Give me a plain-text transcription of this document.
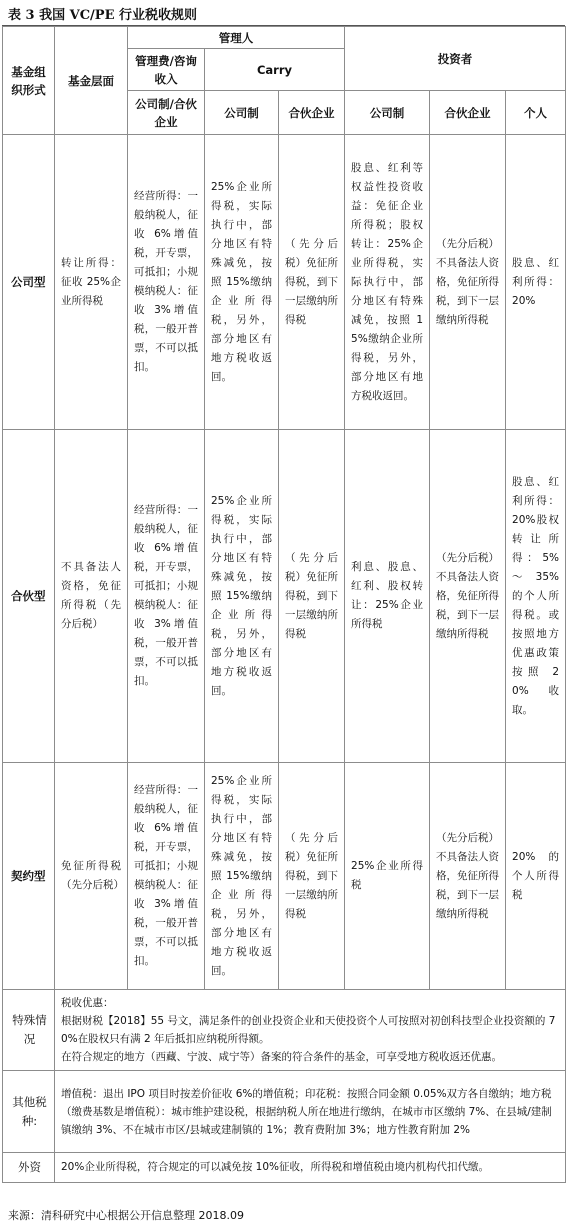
表 3 我国 VC/PE 行业税收规则
基金组织形式	基金层面	管理人			投资者		
		管理费/咨询收入	Carry				
		公司制/合伙企业	公司制	合伙企业	公司制	合伙企业	个人
公司型	转让所得：征收 25%企业所得税	经营所得：一般纳税人，征收 6%增值税，开专票，可抵扣；小规模纳税人：征收 3%增值税，一般开普票，不可以抵扣。	25%企业所得税，实际执行中，部分地区有特殊减免，按照 15%缴纳企业所得税，另外，部分地区有地方税收返回。	（先分后税）免征所得税，到下一层缴纳所得税	股息、红利等权益性投资收益：免征企业所得税；股权转让：25%企业所得税，实际执行中，部分地区有特殊减免，按照 15%缴纳企业所得税，另外，部分地区有地方税收返回。	（先分后税）不具备法人资格，免征所得税，到下一层缴纳所得税	股息、红利所得：20%
合伙型	不具备法人资格，免征所得税（先分后税）	经营所得：一般纳税人，征收 6%增值税，开专票，可抵扣；小规模纳税人：征收 3%增值税，一般开普票，不可以抵扣。	25%企业所得税，实际执行中，部分地区有特殊减免，按照 15%缴纳企业所得税，另外，部分地区有地方税收返回。	（先分后税）免征所得税，到下一层缴纳所得税	利息、股息、红利、股权转让：25%企业所得税	（先分后税）不具备法人资格，免征所得税，到下一层缴纳所得税	股息、红利所得：20%股权转让所得：5% ～ 35% 的个人所得税。或按照地方优惠政策按照 20% 收取。
契约型	免征所得税（先分后税）	经营所得：一般纳税人，征收 6%增值税，开专票，可抵扣；小规模纳税人：征收 3%增值税，一般开普票，不可以抵扣。	25%企业所得税，实际执行中，部分地区有特殊减免，按照 15%缴纳企业所得税，另外，部分地区有地方税收返回。	（先分后税）免征所得税，到下一层缴纳所得税	25%企业所得税	（先分后税）不具备法人资格，免征所得税，到下一层缴纳所得税	20% 的个人所得税
特殊情况	税收优惠：
根据财税【2018】55 号文，满足条件的创业投资企业和天使投资个人可按照对初创科技型企业投资额的 70%在股权只有满 2 年后抵扣应纳税所得额。
在符合规定的地方（西藏、宁波、咸宁等）备案的符合条件的基金，可享受地方税收返还优惠。						

其他税种:	增值税：退出 IPO 项目时按差价征收 6%的增值税；印花税：按照合同金额 0.05%双方各自缴纳；地方税（缴费基数是增值税）：城市维护建设税，根据纳税人所在地进行缴纳，在城市市区缴纳 7%、在县城/建制镇缴纳 3%、不在城市市区/县城或建制镇的 1%；教育费附加 3%；地方性教育附加 2%						
外资	20%企业所得税，符合规定的可以减免按 10%征收，所得税和增值税由境内机构代扣代缴。						
来源：清科研究中心根据公开信息整理 2018.09
